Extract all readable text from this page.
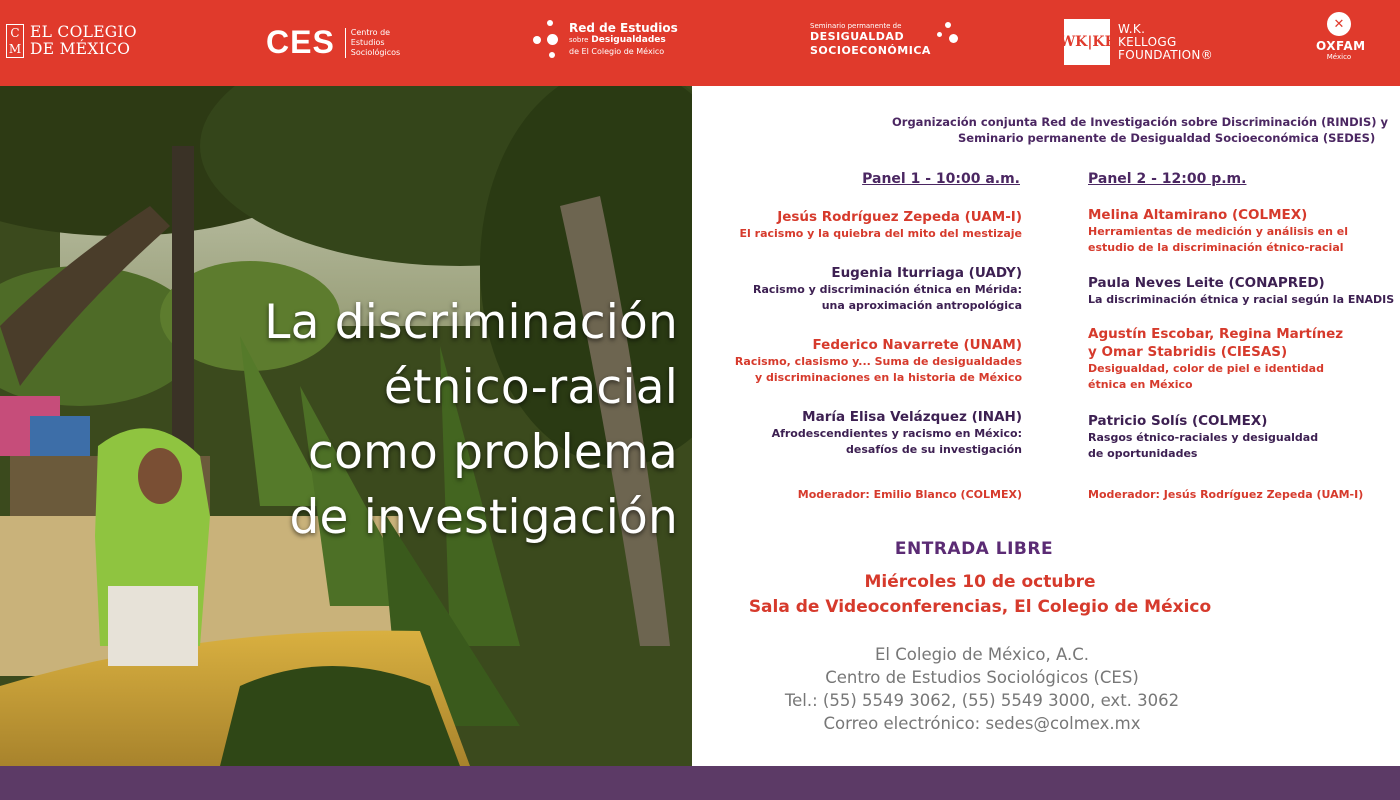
C
M
EL COLEGIO
DE MÉXICO	CES Centro de
Estudios
Sociológicos
Red de Estudios
sobre Desigualdades
de El Colegio de México
Seminario permanente de
DESIGUALDAD
SOCIOECONÓMICA
WK|KF
W.K.
KELLOGG
FOUNDATION®
✕
OXFAM
México
La discriminación
étnico-racial
como problema
de investigación
Organización conjunta Red de Investigación sobre Discriminación (RINDIS) y
Seminario permanente de Desigualdad Socioeconómica (SEDES)
Panel 1 - 10:00 a.m.	Panel 2 - 12:00 p.m.
Jesús Rodríguez Zepeda (UAM-I)
El racismo y la quiebra del mito del mestizaje
Eugenia Iturriaga (UADY)
Racismo y discriminación étnica en Mérida:
una aproximación antropológica
Federico Navarrete (UNAM)
Racismo, clasismo y... Suma de desigualdades
y discriminaciones en la historia de México
María Elisa Velázquez (INAH)
Afrodescendientes y racismo en México:
desafíos de su investigación
Melina Altamirano (COLMEX)
Herramientas de medición y análisis en el
estudio de la discriminación étnico-racial
Paula Neves Leite (CONAPRED)
La discriminación étnica y racial según la ENADIS
Agustín Escobar, Regina Martínez
y Omar Stabridis (CIESAS)
Desigualdad, color de piel e identidad
étnica en México
Patricio Solís (COLMEX)
Rasgos étnico-raciales y desigualdad
de oportunidades
Moderador: Emilio Blanco (COLMEX)	Moderador: Jesús Rodríguez Zepeda (UAM-I)
ENTRADA LIBRE
Miércoles 10 de octubre
Sala de Videoconferencias, El Colegio de México
El Colegio de México, A.C.
Centro de Estudios Sociológicos (CES)
Tel.: (55) 5549 3062, (55) 5549 3000, ext. 3062
Correo electrónico: sedes@colmex.mx
